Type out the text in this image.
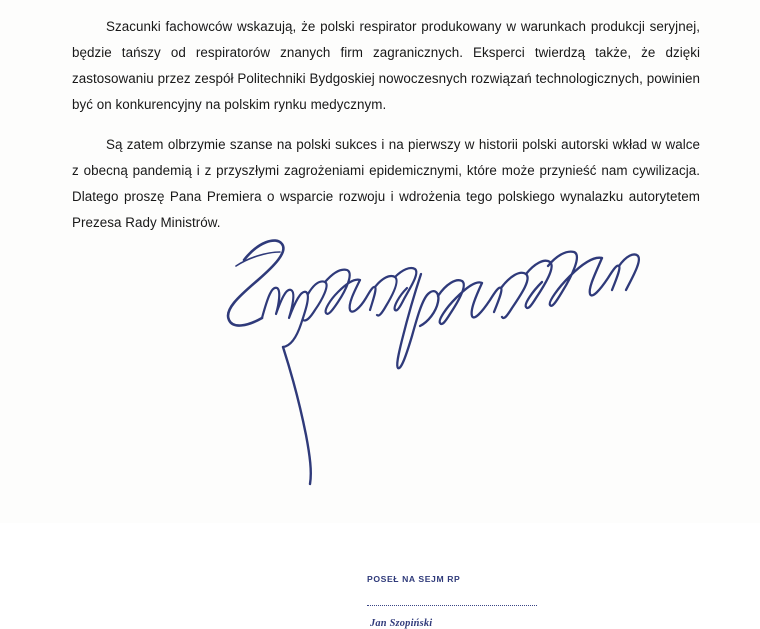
Szacunki fachowców wskazują, że polski respirator produkowany w warunkach produkcji seryjnej, będzie tańszy od respiratorów znanych firm zagranicznych. Eksperci twierdzą także, że dzięki zastosowaniu przez zespół Politechniki Bydgoskiej nowoczesnych rozwiązań technologicznych, powinien być on konkurencyjny na polskim rynku medycznym.

Są zatem olbrzymie szanse na polski sukces i na pierwszy w historii polski autorski wkład w walce z obecną pandemią i z przyszłymi zagrożeniami epidemicznymi, które może przynieść nam cywilizacja. Dlatego proszę Pana Premiera o wsparcie rozwoju i wdrożenia tego polskiego wynalazku autorytetem Prezesa Rady Ministrów.

POSEŁ NA SEJM RP
Jan Szopiński
